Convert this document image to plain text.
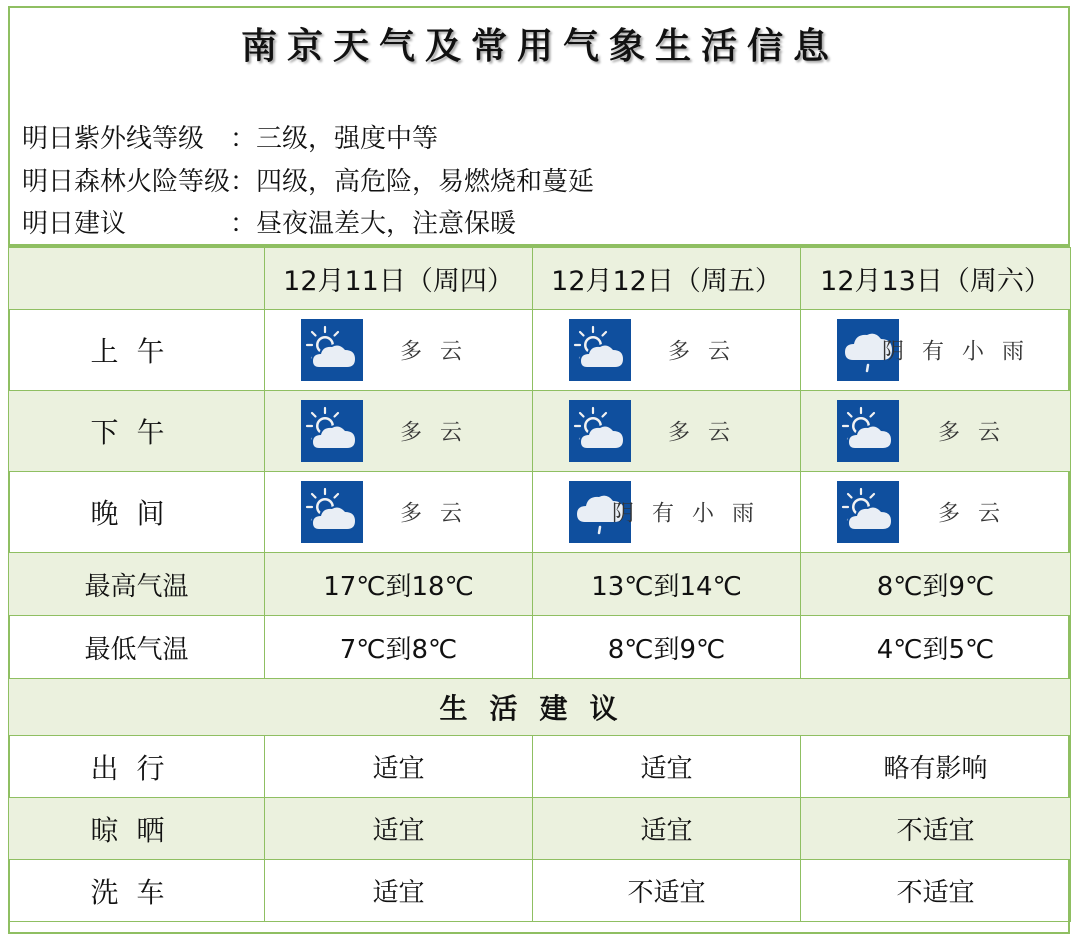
南京天气及常用气象生活信息
明日紫外线等级　：三级，强度中等
明日森林火险等级：四级，高危险，易燃烧和蔓延
明日建议　　　　：昼夜温差大，注意保暖
	12月11日（周四）	12月12日（周五）	12月13日（周六）
上午	多云	多云	阴有小雨

下午	多云	多云	多云

晚间	多云	阴有小雨	多云

最高气温	17℃到18℃	13℃到14℃	8℃到9℃
最低气温	7℃到8℃	8℃到9℃	4℃到5℃
生活建议			
出行	适宜	适宜	略有影响
晾晒	适宜	适宜	不适宜
洗车	适宜	不适宜	不适宜
